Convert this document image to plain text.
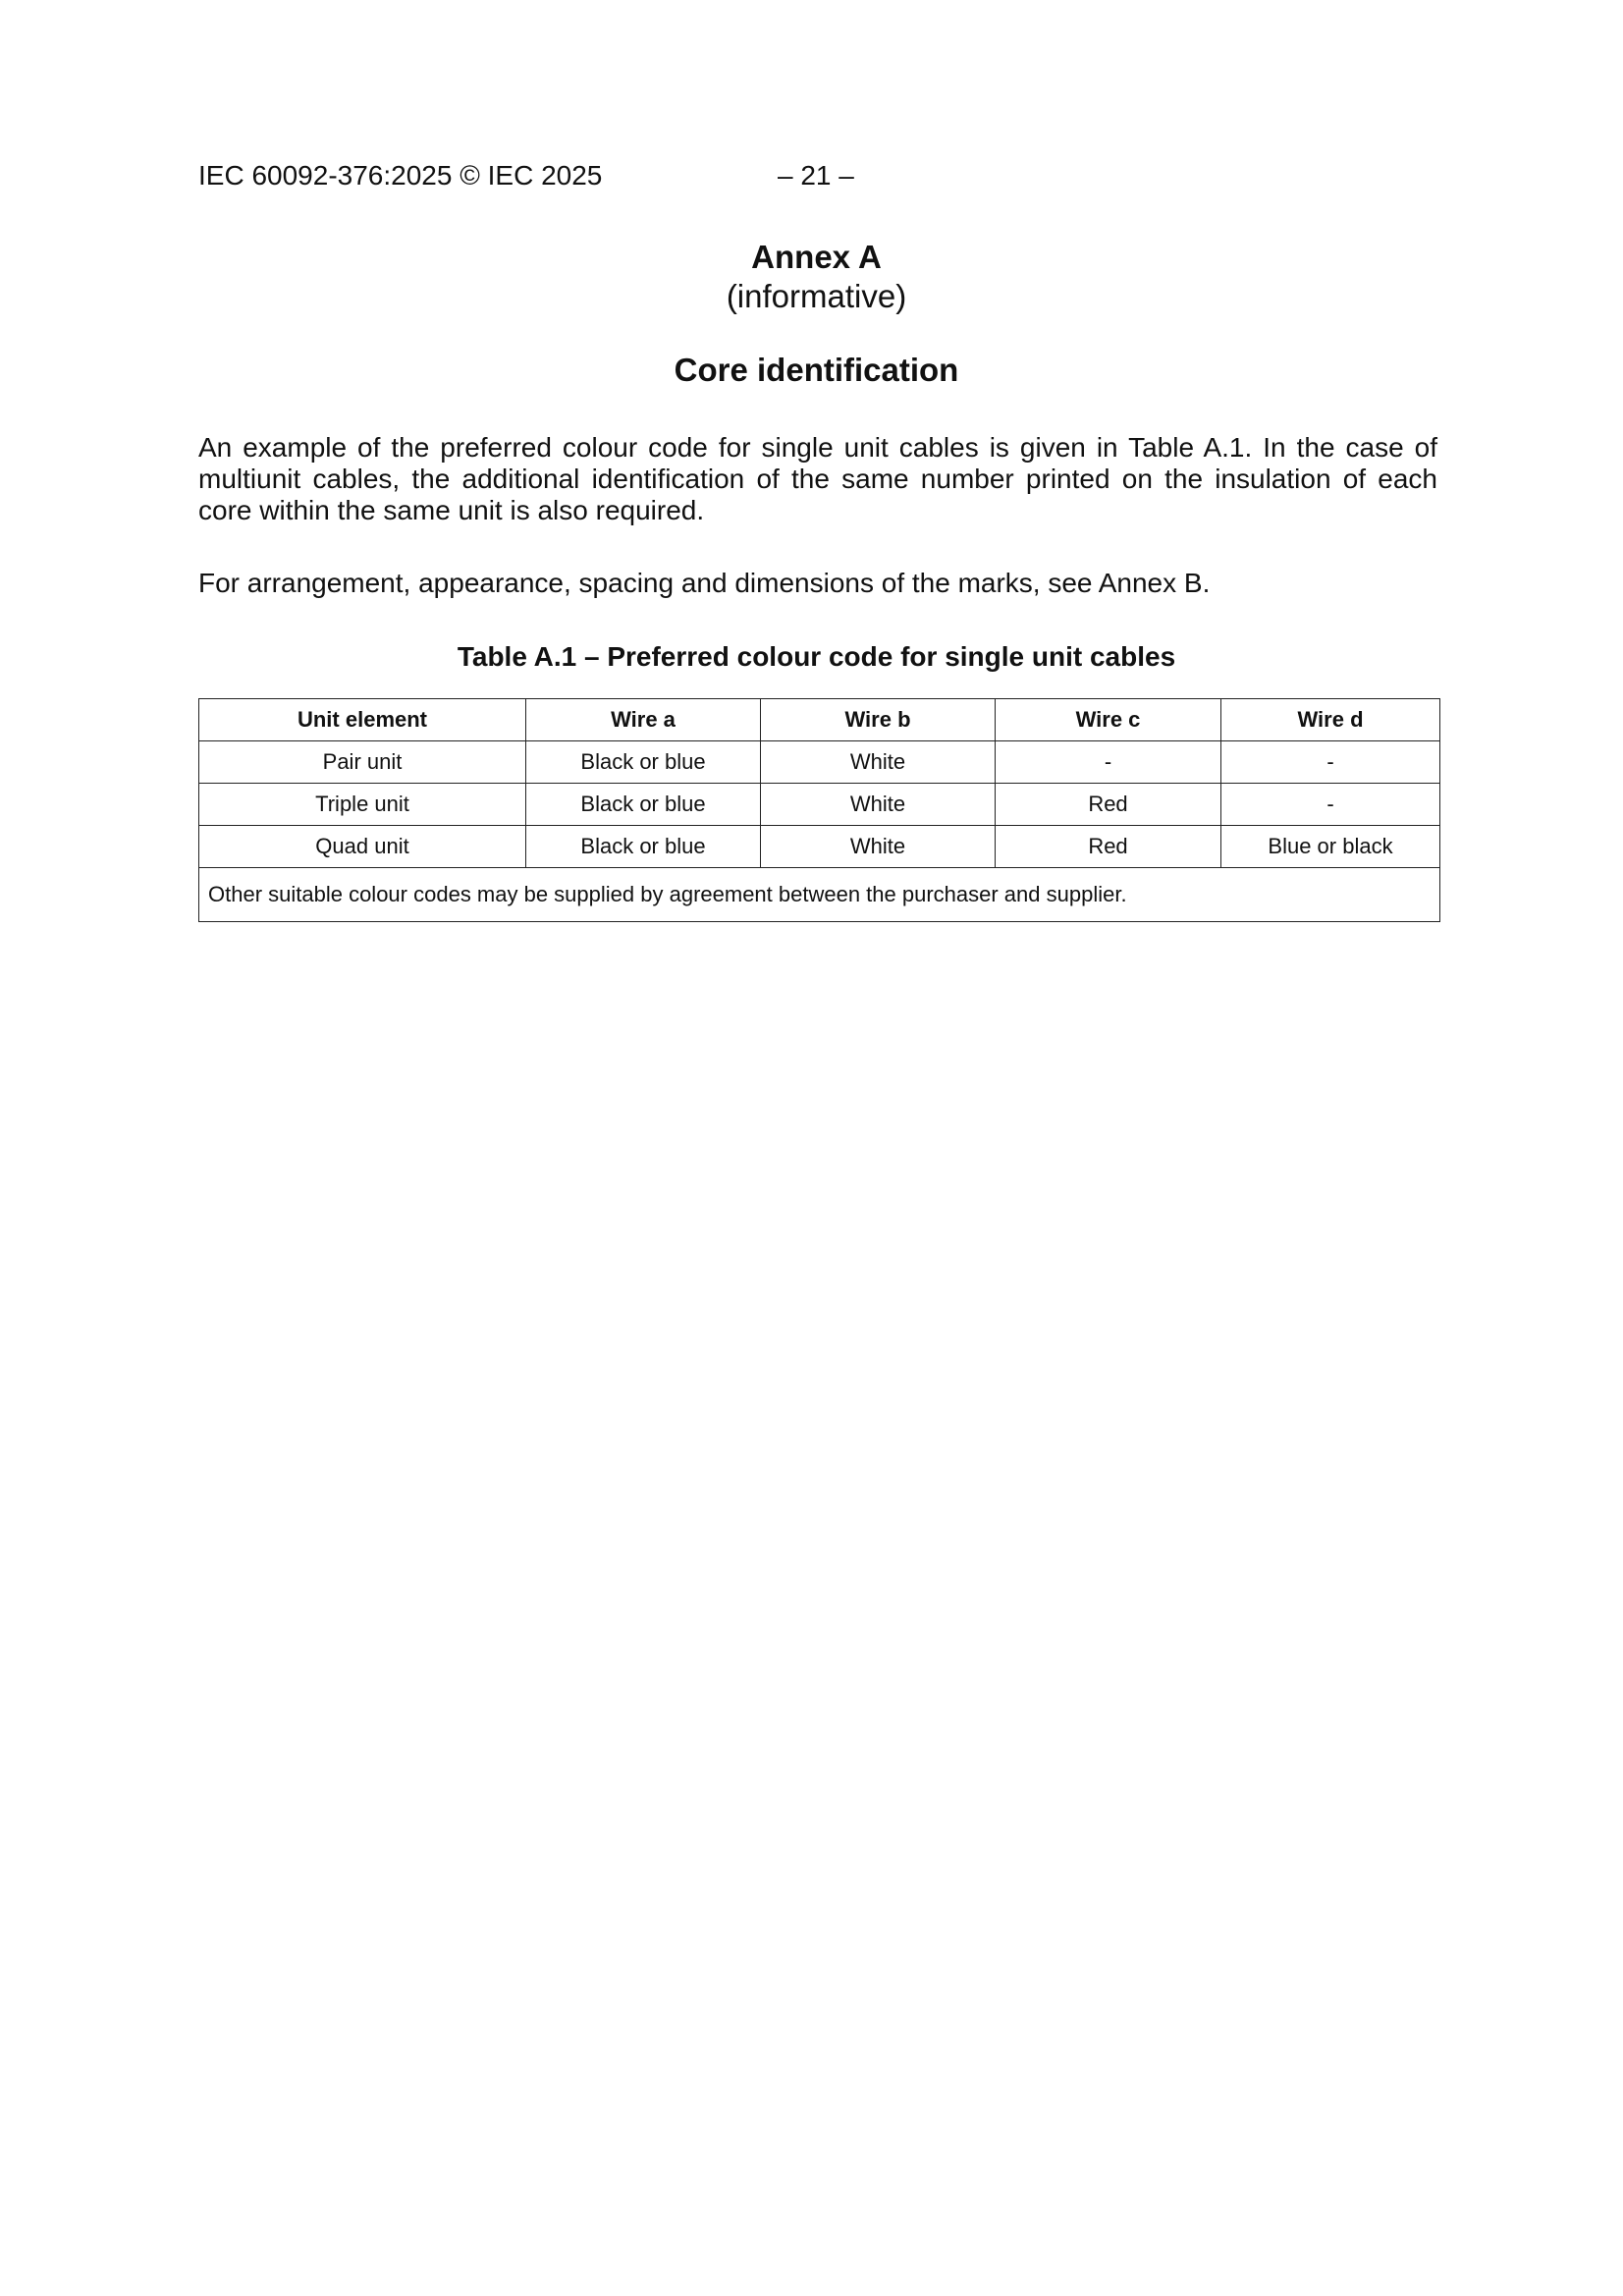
IEC 60092-376:2025 © IEC 2025	– 21 –
Annex A
(informative)
Core identification
An example of the preferred colour code for single unit cables is given in Table A.1. In the case of multiunit cables, the additional identification of the same number printed on the insulation of each core within the same unit is also required.
For arrangement, appearance, spacing and dimensions of the marks, see Annex B.
Table A.1 – Preferred colour code for single unit cables
Unit element	Wire a	Wire b	Wire c	Wire d
Pair unit	Black or blue	White	-	-
Triple unit	Black or blue	White	Red	-
Quad unit	Black or blue	White	Red	Blue or black
Other suitable colour codes may be supplied by agreement between the purchaser and supplier.				
